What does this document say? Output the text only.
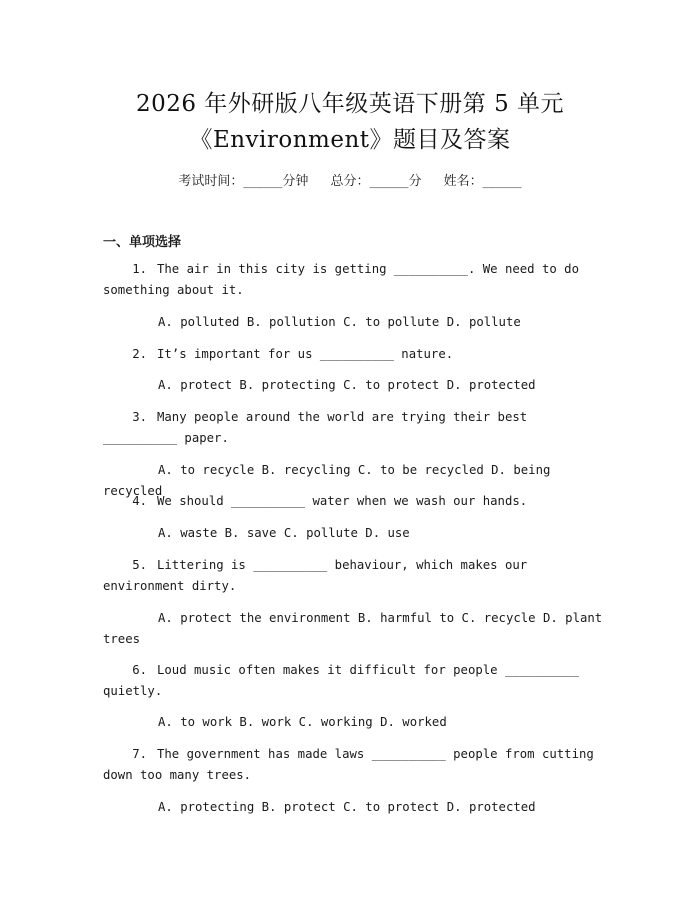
2026 年外研版八年级英语下册第 5 单元
《Environment》题目及答案
考试时间：______分钟 总分：______分 姓名：______
一、单项选择
1. The air in this city is getting __________. We need to do something about it.
A. polluted B. pollution C. to pollute D. pollute
2. It’s important for us __________ nature.
A. protect B. protecting C. to protect D. protected
3. Many people around the world are trying their best __________ paper.
A. to recycle B. recycling C. to be recycled D. being recycled
4. We should __________ water when we wash our hands.
A. waste B. save C. pollute D. use
5. Littering is __________ behaviour, which makes our environment dirty.
A. protect the environment B. harmful to C. recycle D. plant trees
6. Loud music often makes it difficult for people __________ quietly.
A. to work B. work C. working D. worked
7. The government has made laws __________ people from cutting down too many trees.
A. protecting B. protect C. to protect D. protected
